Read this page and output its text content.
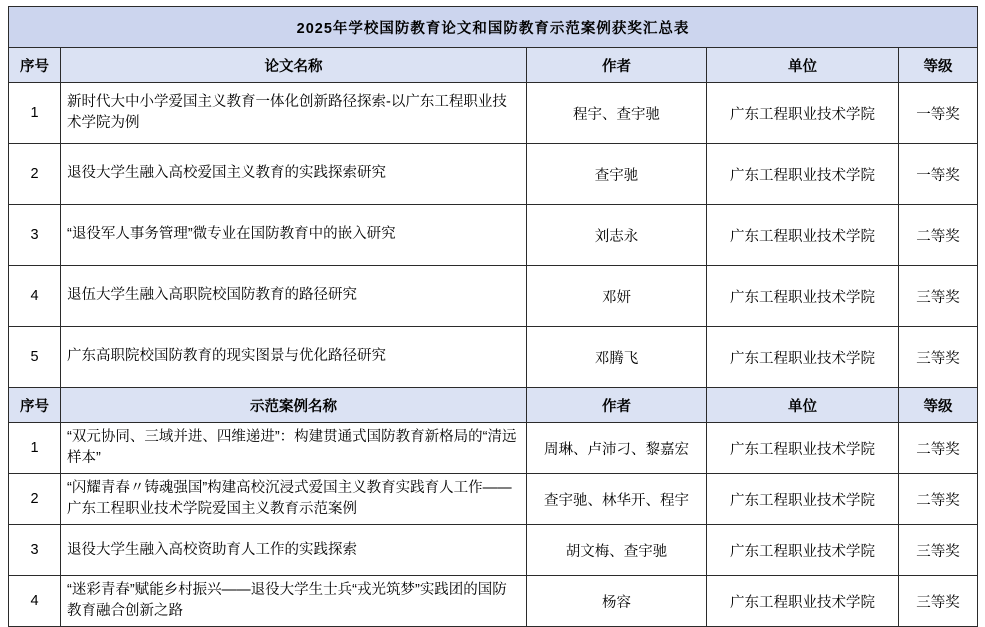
2025年学校国防教育论文和国防教育示范案例获奖汇总表				
序号	论文名称	作者	单位	等级
1	新时代大中小学爱国主义教育一体化创新路径探索-以广东工程职业技术学院为例	程宇、查宇驰	广东工程职业技术学院	一等奖
2	退役大学生融入高校爱国主义教育的实践探索研究	查宇驰	广东工程职业技术学院	一等奖
3	“退役军人事务管理”微专业在国防教育中的嵌入研究	刘志永	广东工程职业技术学院	二等奖
4	退伍大学生融入高职院校国防教育的路径研究	邓妍	广东工程职业技术学院	三等奖
5	广东高职院校国防教育的现实图景与优化路径研究	邓腾飞	广东工程职业技术学院	三等奖
序号	示范案例名称	作者	单位	等级
1	“双元协同、三域并进、四维递进”：构建贯通式国防教育新格局的“清远样本”	周琳、卢沛刁、黎嘉宏	广东工程职业技术学院	二等奖
2	“闪耀青春〃铸魂强国”构建高校沉浸式爱国主义教育实践育人工作——广东工程职业技术学院爱国主义教育示范案例	查宇驰、林华开、程宇	广东工程职业技术学院	二等奖
3	退役大学生融入高校资助育人工作的实践探索	胡文梅、查宇驰	广东工程职业技术学院	三等奖
4	“迷彩青春”赋能乡村振兴——退役大学生士兵“戎光筑梦”实践团的国防教育融合创新之路	杨容	广东工程职业技术学院	三等奖
